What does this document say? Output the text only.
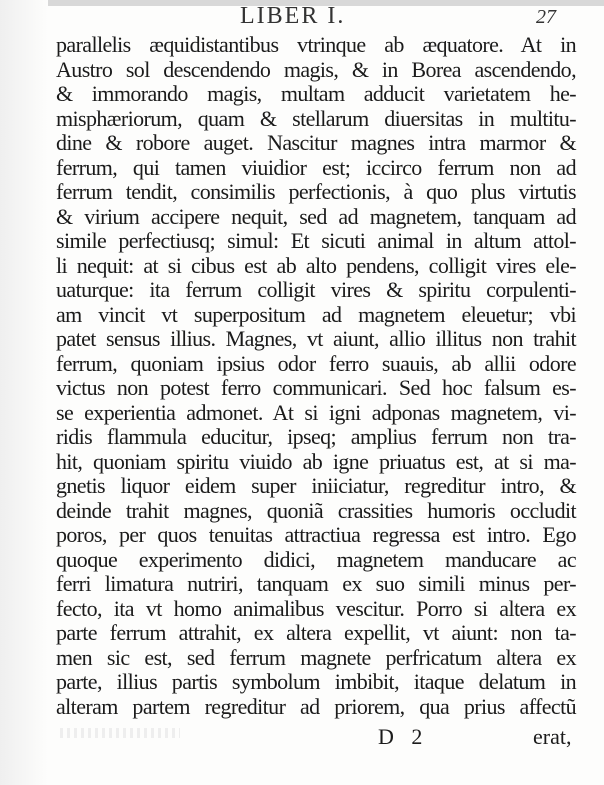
LIBER I.	27
parallelis æquidistantibus vtrinque ab æquatore. At in
Austro sol descendendo magis, & in Borea ascendendo,
& immorando magis, multam adducit varietatem he-
misphæriorum, quam & stellarum diuersitas in multitu-
dine & robore auget. Nascitur magnes intra marmor &
ferrum, qui tamen viuidior est; iccirco ferrum non ad
ferrum tendit, consimilis perfectionis, à quo plus virtutis
& virium accipere nequit, sed ad magnetem, tanquam ad
simile perfectiusq; simul: Et sicuti animal in altum attol-
li nequit: at si cibus est ab alto pendens, colligit vires ele-
uaturque: ita ferrum colligit vires & spiritu corpulenti-
am vincit vt superpositum ad magnetem eleuetur; vbi
patet sensus illius. Magnes, vt aiunt, allio illitus non trahit
ferrum, quoniam ipsius odor ferro suauis, ab allii odore
victus non potest ferro communicari. Sed hoc falsum es-
se experientia admonet. At si igni adponas magnetem, vi-
ridis flammula educitur, ipseq; amplius ferrum non tra-
hit, quoniam spiritu viuido ab igne priuatus est, at si ma-
gnetis liquor eidem super iniiciatur, regreditur intro, &
deinde trahit magnes, quoniã crassities humoris occludit
poros, per quos tenuitas attractiua regressa est intro. Ego
quoque experimento didici, magnetem manducare ac
ferri limatura nutriri, tanquam ex suo simili minus per-
fecto, ita vt homo animalibus vescitur. Porro si altera ex
parte ferrum attrahit, ex altera expellit, vt aiunt: non ta-
men sic est, sed ferrum magnete perfricatum altera ex
parte, illius partis symbolum imbibit, itaque delatum in
alteram partem regreditur ad priorem, qua prius affectũ
D 2	erat,
